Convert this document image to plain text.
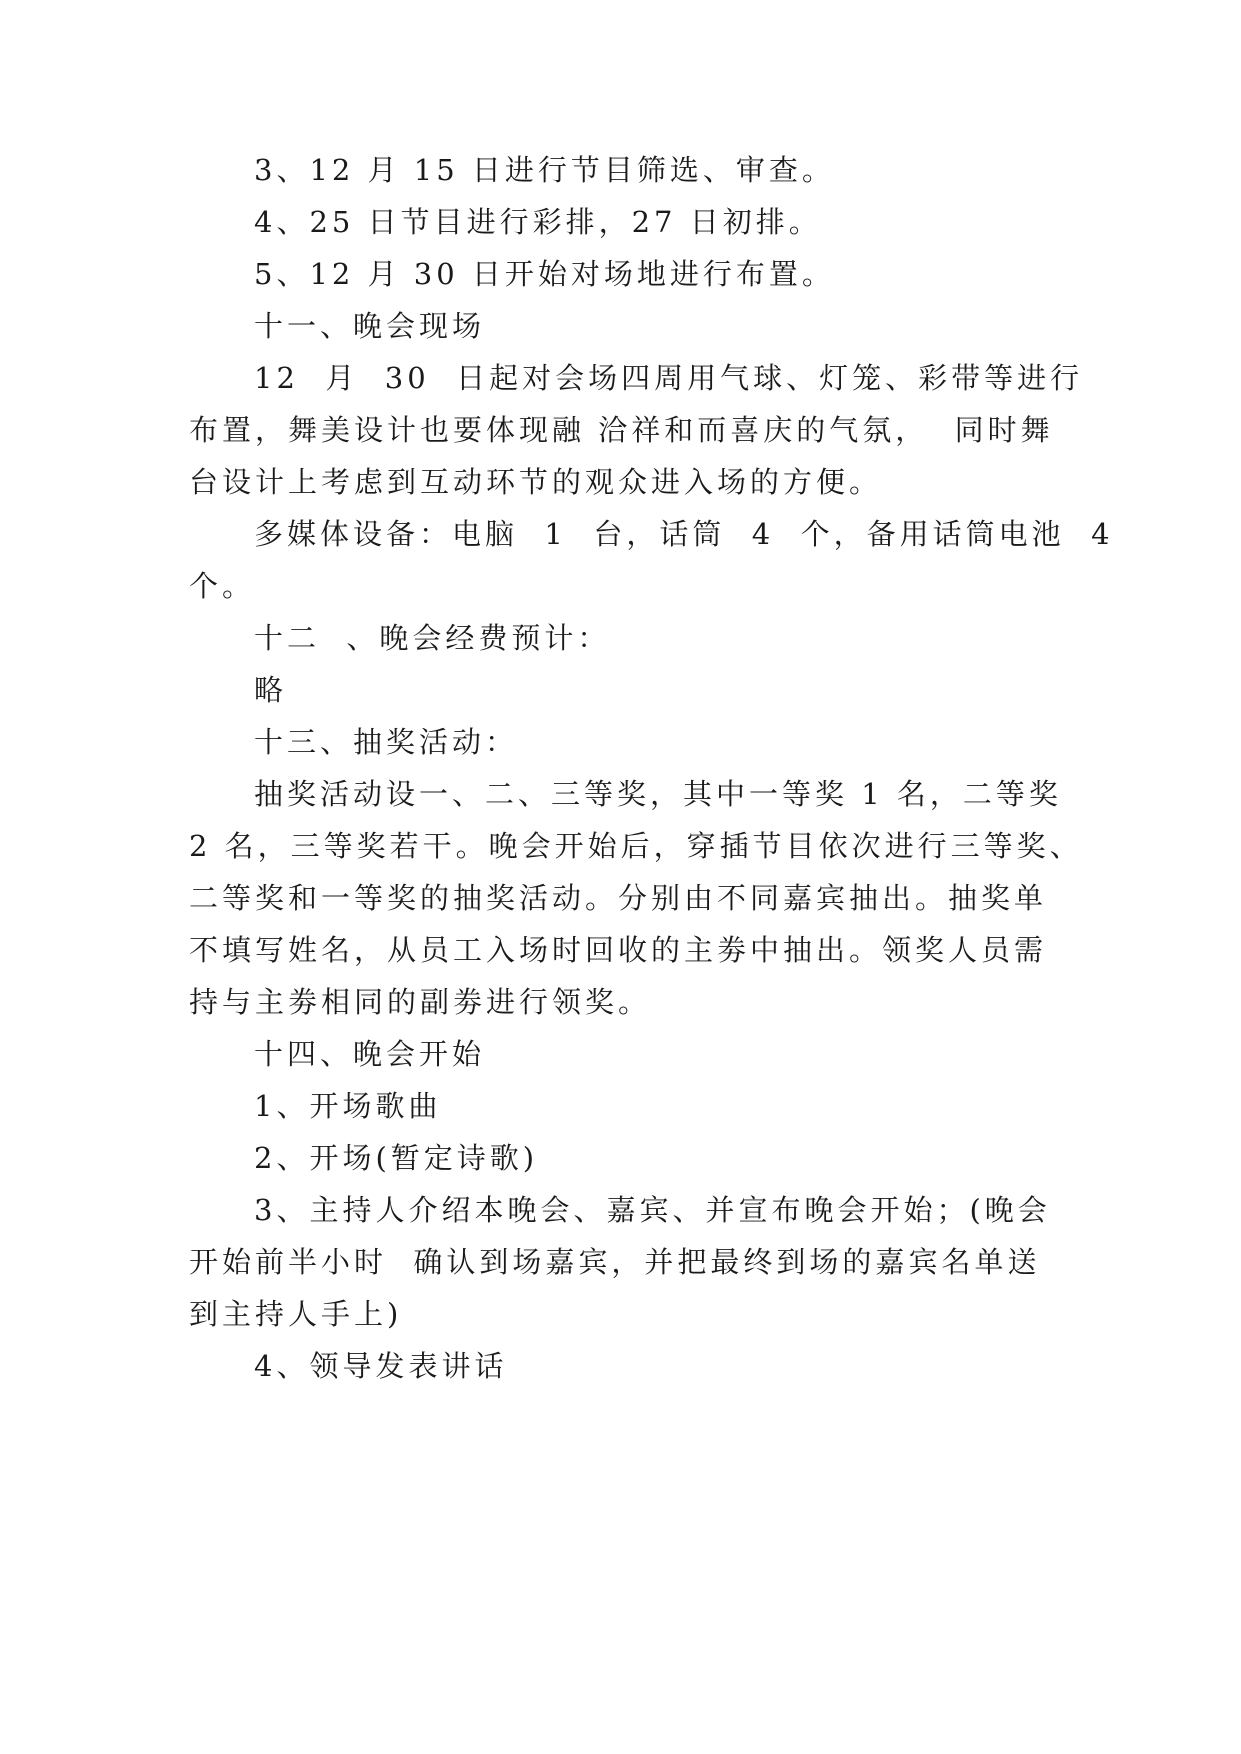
3、12 月 15 日进行节目筛选、审查。
4、25 日节目进行彩排，27 日初排。
5、12 月 30 日开始对场地进行布置。
十一、晚会现场
12  月  30  日起对会场四周用气球、灯笼、彩带等进行
布置，舞美设计也要体现融 洽祥和而喜庆的气氛，  同时舞
台设计上考虑到互动环节的观众进入场的方便。
多媒体设备：电脑  1  台，话筒  4  个，备用话筒电池  4
个。
十二  、晚会经费预计：
略
十三、抽奖活动：
抽奖活动设一、二、三等奖，其中一等奖 1 名，二等奖
2 名，三等奖若干。晚会开始后，穿插节目依次进行三等奖、
二等奖和一等奖的抽奖活动。分别由不同嘉宾抽出。抽奖单
不填写姓名，从员工入场时回收的主劵中抽出。领奖人员需
持与主劵相同的副劵进行领奖。
十四、晚会开始
1、开场歌曲
2、开场(暂定诗歌)
3、主持人介绍本晚会、嘉宾、并宣布晚会开始；(晚会
开始前半小时  确认到场嘉宾，并把最终到场的嘉宾名单送
到主持人手上)
4、领导发表讲话
